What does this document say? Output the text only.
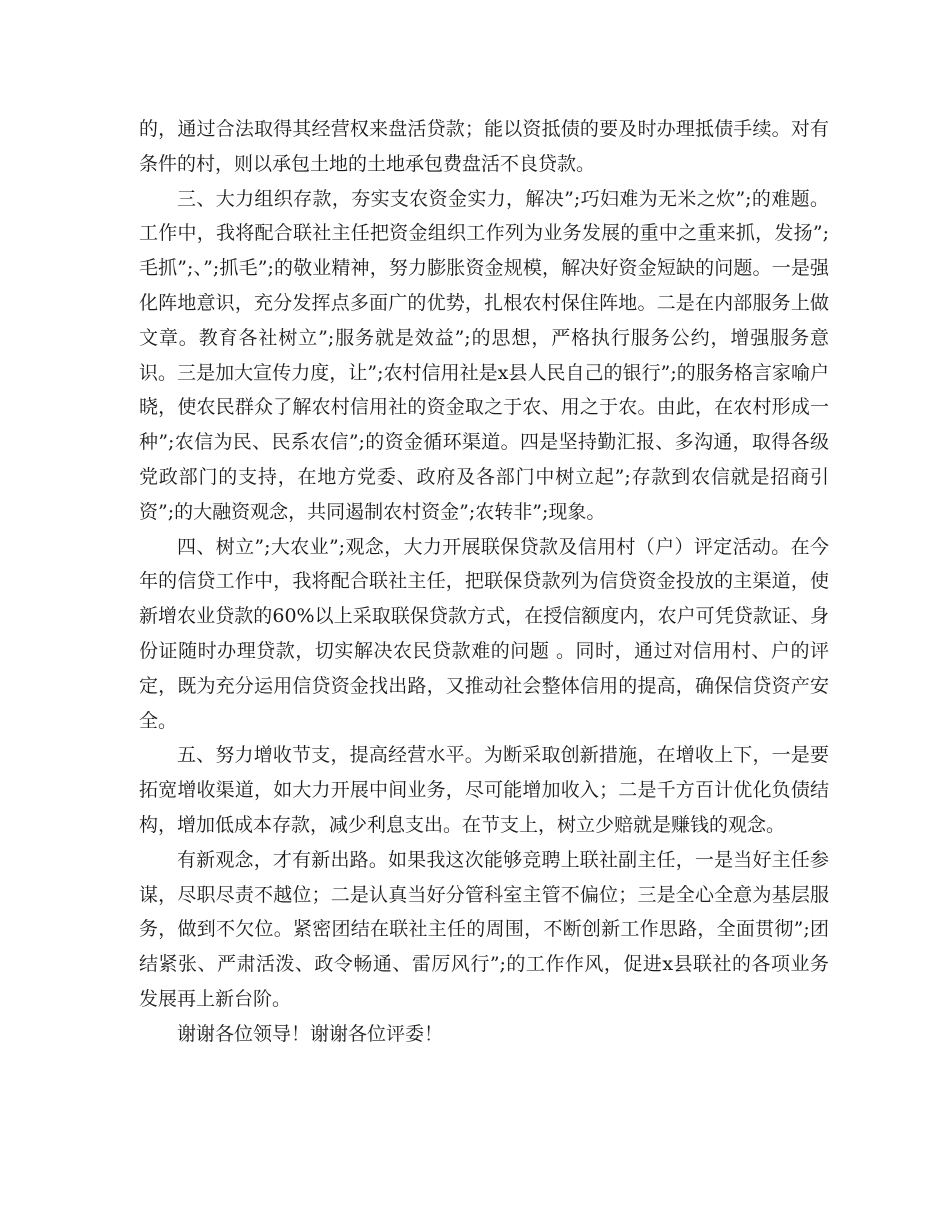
的，通过合法取得其经营权来盘活贷款；能以资抵债的要及时办理抵债手续。对有条件的村，则以承包土地的土地承包费盘活不良贷款。

三、大力组织存款，夯实支农资金实力，解决”;巧妇难为无米之炊”;的难题。工作中，我将配合联社主任把资金组织工作列为业务发展的重中之重来抓，发扬”;毛抓”;、”;抓毛”;的敬业精神，努力膨胀资金规模，解决好资金短缺的问题。一是强化阵地意识，充分发挥点多面广的优势，扎根农村保住阵地。二是在内部服务上做文章。教育各社树立”;服务就是效益”;的思想，严格执行服务公约，增强服务意识。三是加大宣传力度，让”;农村信用社是x县人民自己的银行”;的服务格言家喻户晓，使农民群众了解农村信用社的资金取之于农、用之于农。由此，在农村形成一种”;农信为民、民系农信”;的资金循环渠道。四是坚持勤汇报、多沟通，取得各级党政部门的支持，在地方党委、政府及各部门中树立起”;存款到农信就是招商引资”;的大融资观念，共同遏制农村资金”;农转非”;现象。

四、树立”;大农业”;观念，大力开展联保贷款及信用村（户）评定活动。在今年的信贷工作中，我将配合联社主任，把联保贷款列为信贷资金投放的主渠道，使新增农业贷款的60%以上采取联保贷款方式，在授信额度内，农户可凭贷款证、身份证随时办理贷款，切实解决农民贷款难的问题 。同时，通过对信用村、户的评定，既为充分运用信贷资金找出路，又推动社会整体信用的提高，确保信贷资产安全。

五、努力增收节支，提高经营水平。为断采取创新措施，在增收上下，一是要拓宽增收渠道，如大力开展中间业务，尽可能增加收入；二是千方百计优化负债结构，增加低成本存款，减少利息支出。在节支上，树立少赔就是赚钱的观念。

有新观念，才有新出路。如果我这次能够竞聘上联社副主任，一是当好主任参谋，尽职尽责不越位；二是认真当好分管科室主管不偏位；三是全心全意为基层服务，做到不欠位。紧密团结在联社主任的周围，不断创新工作思路，全面贯彻”;团结紧张、严肃活泼、政令畅通、雷厉风行”;的工作作风，促进x县联社的各项业务发展再上新台阶。

谢谢各位领导！谢谢各位评委！
